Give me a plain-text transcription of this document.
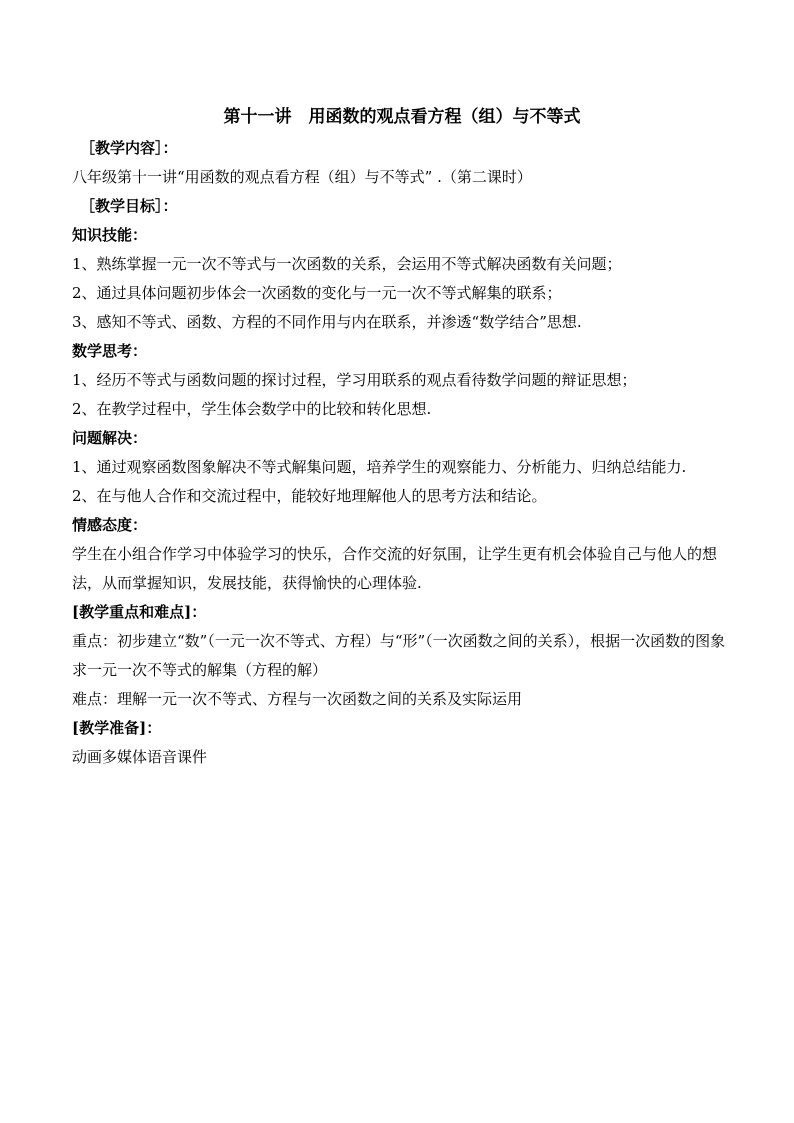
第十一讲　用函数的观点看方程（组）与不等式
［教学内容］：
八年级第十一讲“用函数的观点看方程（组）与不等式” .（第二课时）
［教学目标］：
知识技能：
1、熟练掌握一元一次不等式与一次函数的关系，会运用不等式解决函数有关问题；
2、通过具体问题初步体会一次函数的变化与一元一次不等式解集的联系；
3、感知不等式、函数、方程的不同作用与内在联系，并渗透“数学结合”思想.
数学思考：
1、经历不等式与函数问题的探讨过程，学习用联系的观点看待数学问题的辩证思想；
2、在教学过程中，学生体会数学中的比较和转化思想.
问题解决：
1、通过观察函数图象解决不等式解集问题，培养学生的观察能力、分析能力、归纳总结能力.
2、在与他人合作和交流过程中，能较好地理解他人的思考方法和结论。
情感态度：
学生在小组合作学习中体验学习的快乐，合作交流的好氛围，让学生更有机会体验自己与他人的想法，从而掌握知识，发展技能，获得愉快的心理体验.
[教学重点和难点]：
重点：初步建立“数”（一元一次不等式、方程）与“形”（一次函数之间的关系），根据一次函数的图象求一元一次不等式的解集（方程的解）
难点：理解一元一次不等式、方程与一次函数之间的关系及实际运用
[教学准备]：
动画多媒体语音课件
